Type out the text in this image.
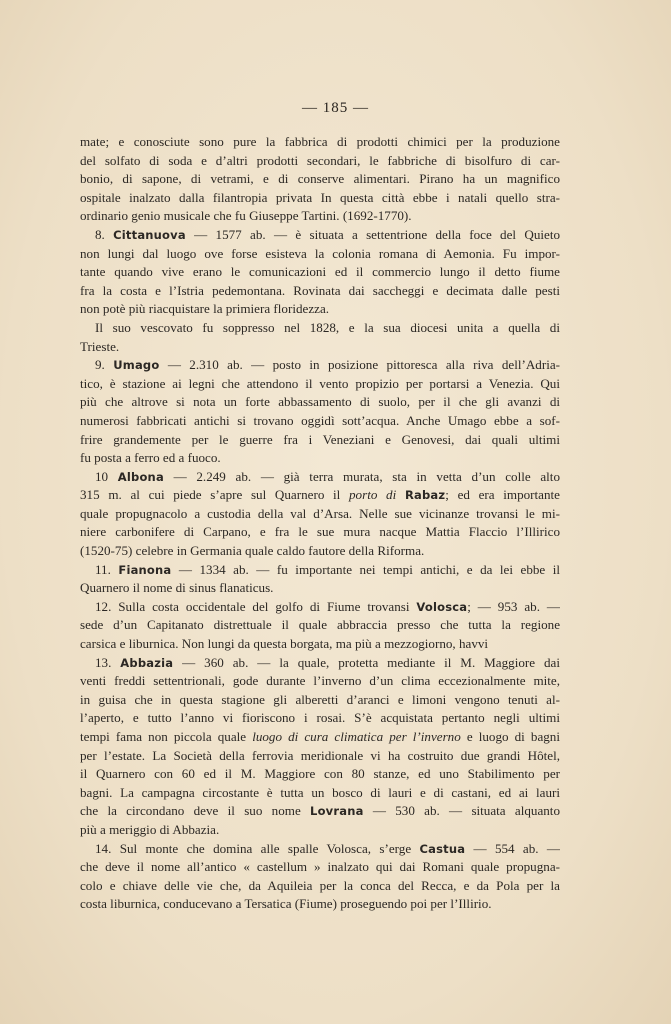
— 185 —
mate; e conosciute sono pure la fabbrica di prodotti chimici per la produzione
del solfato di soda e d’altri prodotti secondari, le fabbriche di bisolfuro di car-
bonio, di sapone, di vetrami, e di conserve alimentari. Pirano ha un magnifico
ospitale inalzato dalla filantropia privata In questa città ebbe i natali quello stra-
ordinario genio musicale che fu Giuseppe Tartini. (1692-1770).
8. Cittanuova — 1577 ab. — è situata a settentrione della foce del Quieto
non lungi dal luogo ove forse esisteva la colonia romana di Aemonia. Fu impor-
tante quando vive erano le comunicazioni ed il commercio lungo il detto fiume
fra la costa e l’Istria pedemontana. Rovinata dai saccheggi e decimata dalle pesti
non potè più riacquistare la primiera floridezza.
Il suo vescovato fu soppresso nel 1828, e la sua diocesi unita a quella di
Trieste.
9. Umago — 2.310 ab. — posto in posizione pittoresca alla riva dell’Adria-
tico, è stazione ai legni che attendono il vento propizio per portarsi a Venezia. Qui
più che altrove si nota un forte abbassamento di suolo, per il che gli avanzi di
numerosi fabbricati antichi si trovano oggidì sott’acqua. Anche Umago ebbe a sof-
frire grandemente per le guerre fra i Veneziani e Genovesi, dai quali ultimi
fu posta a ferro ed a fuoco.
10 Albona — 2.249 ab. — già terra murata, sta in vetta d’un colle alto
315 m. al cui piede s’apre sul Quarnero il porto di Rabaz; ed era importante
quale propugnacolo a custodia della val d’Arsa. Nelle sue vicinanze trovansi le mi-
niere carbonifere di Carpano, e fra le sue mura nacque Mattia Flaccio l’Illirico
(1520-75) celebre in Germania quale caldo fautore della Riforma.
11. Fianona — 1334 ab. — fu importante nei tempi antichi, e da lei ebbe il
Quarnero il nome di sinus flanaticus.
12. Sulla costa occidentale del golfo di Fiume trovansi Volosca; — 953 ab. —
sede d’un Capitanato distrettuale il quale abbraccia presso che tutta la regione
carsica e liburnica. Non lungi da questa borgata, ma più a mezzogiorno, havvi
13. Abbazia — 360 ab. — la quale, protetta mediante il M. Maggiore dai
venti freddi settentrionali, gode durante l’inverno d’un clima eccezionalmente mite,
in guisa che in questa stagione gli alberetti d’aranci e limoni vengono tenuti al-
l’aperto, e tutto l’anno vi fioriscono i rosai. S’è acquistata pertanto negli ultimi
tempi fama non piccola quale luogo di cura climatica per l’inverno e luogo di bagni
per l’estate. La Società della ferrovia meridionale vi ha costruito due grandi Hôtel,
il Quarnero con 60 ed il M. Maggiore con 80 stanze, ed uno Stabilimento per
bagni. La campagna circostante è tutta un bosco di lauri e di castani, ed ai lauri
che la circondano deve il suo nome Lovrana — 530 ab. — situata alquanto
più a meriggio di Abbazia.
14. Sul monte che domina alle spalle Volosca, s’erge Castua — 554 ab. —
che deve il nome all’antico « castellum » inalzato qui dai Romani quale propugna-
colo e chiave delle vie che, da Aquileia per la conca del Recca, e da Pola per la
costa liburnica, conducevano a Tersatica (Fiume) proseguendo poi per l’Illirio.
